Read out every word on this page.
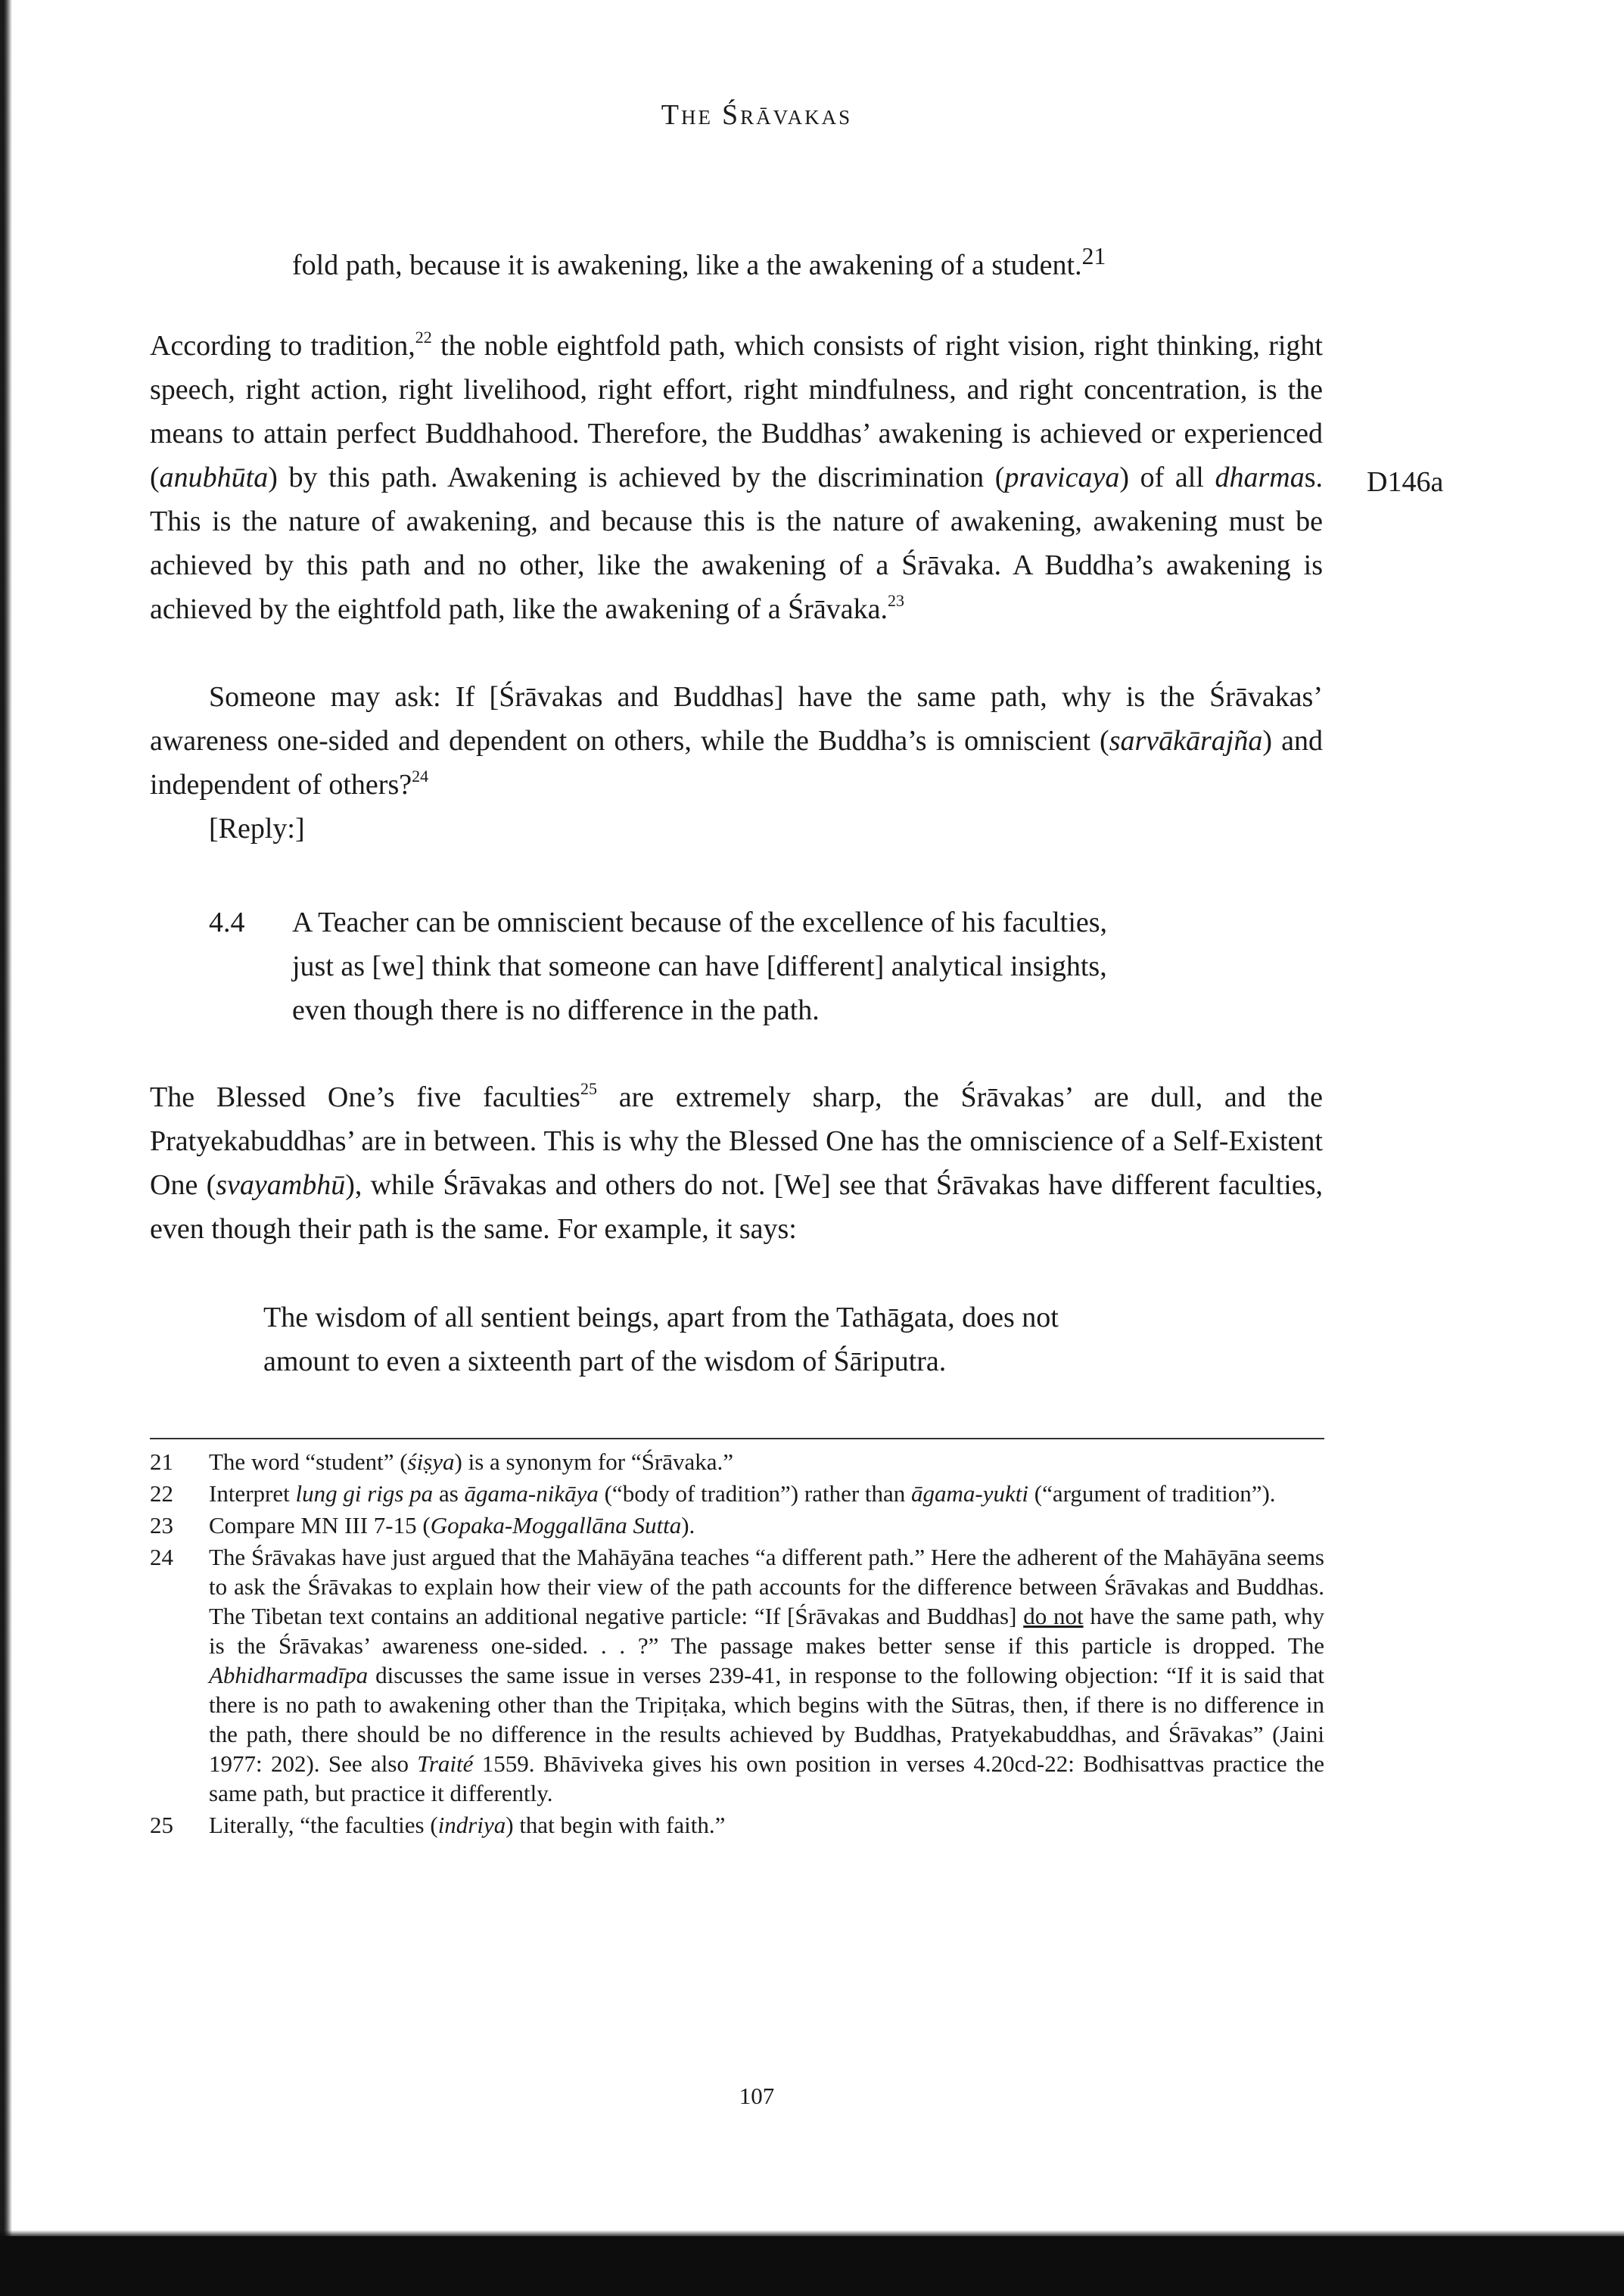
The Śrāvakas
fold path, because it is awakening, like a the awakening of a student.$^{21}$
According to tradition,$^{22}$ the noble eightfold path, which consists of right vision, right thinking, right speech, right action, right livelihood, right effort, right mindfulness, and right concentration, is the means to attain perfect Buddhahood. Therefore, the Buddhas’ awakening is achieved or experienced (anubhūta) by this path. Awakening is achieved by the discrimination (pravicaya) of all dharmas. This is the nature of awakening, and because this is the nature of awakening, awakening must be achieved by this path and no other, like the awakening of a Śrāvaka. A Buddha’s awakening is achieved by the eightfold path, like the awakening of a Śrāvaka.$^{23}$
D146a
Someone may ask: If [Śrāvakas and Buddhas] have the same path, why is the Śrāvakas’ awareness one-sided and dependent on others, while the Buddha’s is omniscient (sarvākārajña) and independent of others?$^{24}$
[Reply:]
4.4 A Teacher can be omniscient because of the excellence of his faculties,
just as [we] think that someone can have [different] analytical insights,
even though there is no difference in the path.
The Blessed One’s five faculties$^{25}$ are extremely sharp, the Śrāvakas’ are dull, and the Pratyekabuddhas’ are in between. This is why the Blessed One has the omniscience of a Self-Existent One (svayambhū), while Śrāvakas and others do not. [We] see that Śrāvakas have different faculties, even though their path is the same. For example, it says:
The wisdom of all sentient beings, apart from the Tathāgata, does not
amount to even a sixteenth part of the wisdom of Śāriputra.
21 The word “student” (śiṣya) is a synonym for “Śrāvaka.”
22 Interpret lung gi rigs pa as āgama-nikāya (“body of tradition”) rather than āgama-yukti (“argument of tradition”).
23 Compare MN III 7-15 (Gopaka-Moggallāna Sutta).
24 The Śrāvakas have just argued that the Mahāyāna teaches “a different path.” Here the adherent of the Mahāyāna seems to ask the Śrāvakas to explain how their view of the path accounts for the difference between Śrāvakas and Buddhas. The Tibetan text contains an additional negative particle: “If [Śrāvakas and Buddhas] do not have the same path, why is the Śrāvakas’ awareness one-sided. . . ?” The passage makes better sense if this particle is dropped. The Abhidharmadīpa discusses the same issue in verses 239-41, in response to the following objection: “If it is said that there is no path to awakening other than the Tripiṭaka, which begins with the Sūtras, then, if there is no difference in the path, there should be no difference in the results achieved by Buddhas, Pratyekabuddhas, and Śrāvakas” (Jaini 1977: 202). See also Traité 1559. Bhāviveka gives his own position in verses 4.20cd-22: Bodhisattvas practice the same path, but practice it differently.
25 Literally, “the faculties (indriya) that begin with faith.”
107
